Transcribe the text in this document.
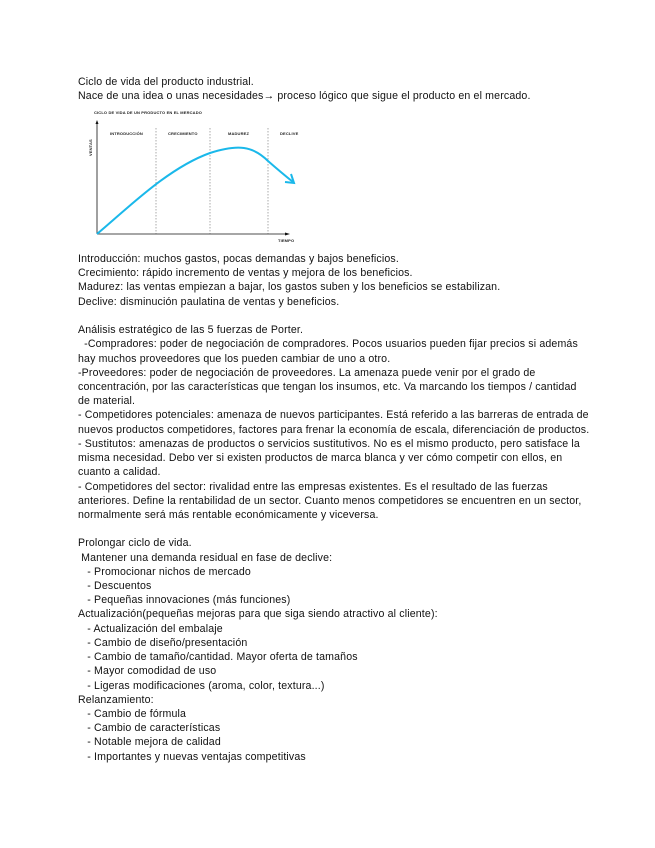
Ciclo de vida del producto industrial.
Nace de una idea o unas necesidades→ proceso lógico que sigue el producto en el mercado.
CICLO DE VIDA DE UN PRODUCTO EN EL MERCADO
VENTAS
TIEMPO
INTRODUCCIÓN	CRECIMIENTO	MADUREZ	DECLIVE
Introducción: muchos gastos, pocas demandas y bajos beneficios.
Crecimiento: rápido incremento de ventas y mejora de los beneficios.
Madurez: las ventas empiezan a bajar, los gastos suben y los beneficios se estabilizan.
Declive: disminución paulatina de ventas y beneficios.
Análisis estratégico de las 5 fuerzas de Porter.
-Compradores: poder de negociación de compradores. Pocos usuarios pueden fijar precios si además
hay muchos proveedores que los pueden cambiar de uno a otro.
-Proveedores: poder de negociación de proveedores. La amenaza puede venir por el grado de
concentración, por las características que tengan los insumos, etc. Va marcando los tiempos / cantidad
de material.
- Competidores potenciales: amenaza de nuevos participantes. Está referido a las barreras de entrada de
nuevos productos competidores, factores para frenar la economía de escala, diferenciación de productos.
- Sustitutos: amenazas de productos o servicios sustitutivos. No es el mismo producto, pero satisface la
misma necesidad. Debo ver si existen productos de marca blanca y ver cómo competir con ellos, en
cuanto a calidad.
- Competidores del sector: rivalidad entre las empresas existentes. Es el resultado de las fuerzas
anteriores. Define la rentabilidad de un sector. Cuanto menos competidores se encuentren en un sector,
normalmente será más rentable económicamente y viceversa.
Prolongar ciclo de vida.
Mantener una demanda residual en fase de declive:
- Promocionar nichos de mercado
- Descuentos
- Pequeñas innovaciones (más funciones)
Actualización(pequeñas mejoras para que siga siendo atractivo al cliente):
- Actualización del embalaje
- Cambio de diseño/presentación
- Cambio de tamaño/cantidad. Mayor oferta de tamaños
- Mayor comodidad de uso
- Ligeras modificaciones (aroma, color, textura...)
Relanzamiento:
- Cambio de fórmula
- Cambio de características
- Notable mejora de calidad
- Importantes y nuevas ventajas competitivas
